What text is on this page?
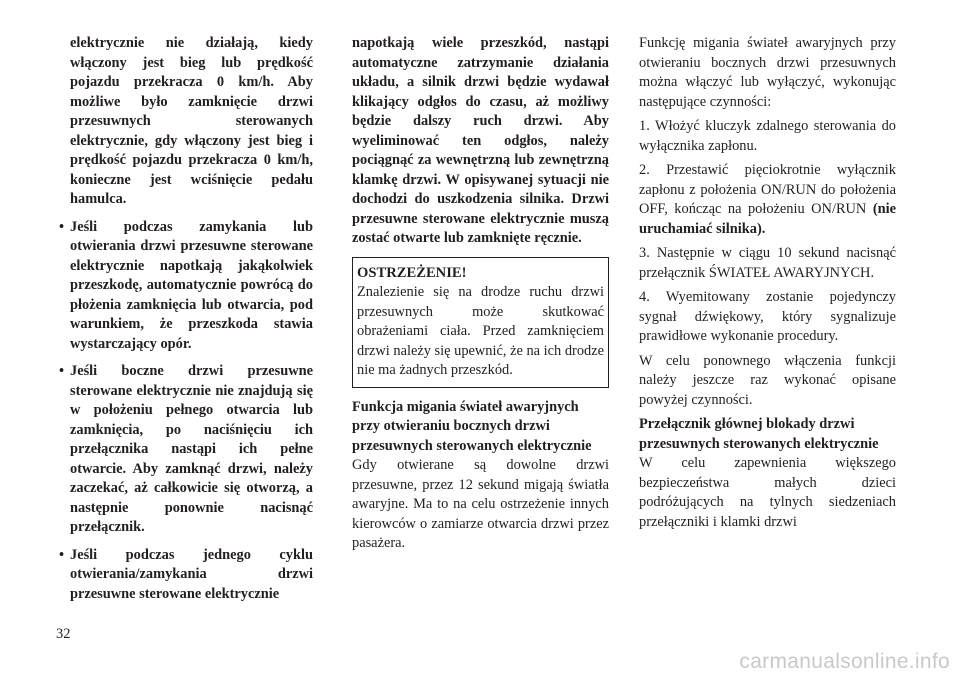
elektrycznie nie działają, kiedy włączony jest bieg lub prędkość pojazdu przekracza 0 km/h. Aby możliwe było zamknięcie drzwi przesuwnych sterowanych elektrycznie, gdy włączony jest bieg i prędkość pojazdu przekracza 0 km/h, konieczne jest wciśnięcie pedału hamulca.

• Jeśli podczas zamykania lub otwierania drzwi przesuwne sterowane elektrycznie napotkają jakąkolwiek przeszkodę, automatycznie powrócą do płożenia zamknięcia lub otwarcia, pod warunkiem, że przeszkoda stawia wystarczający opór.
• Jeśli boczne drzwi przesuwne sterowane elektrycznie nie znajdują się w położeniu pełnego otwarcia lub zamknięcia, po naciśnięciu ich przełącznika nastąpi ich pełne otwarcie. Aby zamknąć drzwi, należy zaczekać, aż całkowicie się otworzą, a następnie ponownie nacisnąć przełącznik.
• Jeśli podczas jednego cyklu otwierania/zamykania drzwi przesuwne sterowane elektrycznie

napotkają wiele przeszkód, nastąpi automatyczne zatrzymanie działania układu, a silnik drzwi będzie wydawał klikający odgłos do czasu, aż możliwy będzie dalszy ruch drzwi. Aby wyeliminować ten odgłos, należy pociągnąć za wewnętrzną lub zewnętrzną klamkę drzwi. W opisywanej sytuacji nie dochodzi do uszkodzenia silnika. Drzwi przesuwne sterowane elektrycznie muszą zostać otwarte lub zamknięte ręcznie.

OSTRZEŻENIE!

Znalezienie się na drodze ruchu drzwi przesuwnych może skutkować obrażeniami ciała. Przed zamknięciem drzwi należy się upewnić, że na ich drodze nie ma żadnych przeszkód.

Funkcja migania świateł awaryjnych przy otwieraniu bocznych drzwi przesuwnych sterowanych elektrycznie

Gdy otwierane są dowolne drzwi przesuwne, przez 12 sekund migają światła awaryjne. Ma to na celu ostrzeżenie innych kierowców o zamiarze otwarcia drzwi przez pasażera.

Funkcję migania świateł awaryjnych przy otwieraniu bocznych drzwi przesuwnych można włączyć lub wyłączyć, wykonując następujące czynności:

1. Włożyć kluczyk zdalnego sterowania do wyłącznika zapłonu.

2. Przestawić pięciokrotnie wyłącznik zapłonu z położenia ON/RUN do położenia OFF, kończąc na położeniu ON/RUN (nie uruchamiać silnika).

3. Następnie w ciągu 10 sekund nacisnąć przełącznik ŚWIATEŁ AWARYJNYCH.

4. Wyemitowany zostanie pojedynczy sygnał dźwiękowy, który sygnalizuje prawidłowe wykonanie procedury.

W celu ponownego włączenia funkcji należy jeszcze raz wykonać opisane powyżej czynności.

Przełącznik głównej blokady drzwi przesuwnych sterowanych elektrycznie

W celu zapewnienia większego bezpieczeństwa małych dzieci podróżujących na tylnych siedzeniach przełączniki i klamki drzwi

32
carmanualsonline.info
